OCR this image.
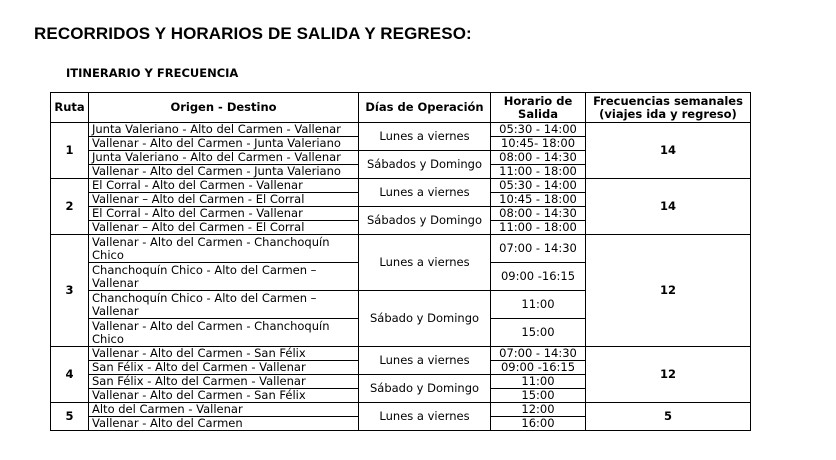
RECORRIDOS Y HORARIOS DE SALIDA Y REGRESO:
ITINERARIO Y FRECUENCIA
Ruta	Origen - Destino	Días de Operación	Horario de Salida	Frecuencias semanales (viajes ida y regreso)
1	Junta Valeriano - Alto del Carmen - Vallenar	Lunes a viernes	05:30 - 14:00	14
	Vallenar - Alto del Carmen - Junta Valeriano		10:45- 18:00	
	Junta Valeriano - Alto del Carmen - Vallenar	Sábados y Domingo	08:00 - 14:30	
	Vallenar - Alto del Carmen - Junta Valeriano		11:00 - 18:00	
2	El Corral - Alto del Carmen - Vallenar	Lunes a viernes	05:30 - 14:00	14
	Vallenar – Alto del Carmen - El Corral		10:45 - 18:00	
	El Corral - Alto del Carmen - Vallenar	Sábados y Domingo	08:00 - 14:30	
	Vallenar – Alto del Carmen - El Corral		11:00 - 18:00	
3	Vallenar - Alto del Carmen - Chanchoquín Chico	Lunes a viernes	07:00 - 14:30	12
	Chanchoquín Chico - Alto del Carmen – Vallenar		09:00 -16:15	
	Chanchoquín Chico - Alto del Carmen – Vallenar	Sábado y Domingo	11:00	
	Vallenar - Alto del Carmen - Chanchoquín Chico		15:00	
4	Vallenar - Alto del Carmen - San Félix	Lunes a viernes	07:00 - 14:30	12
	San Félix - Alto del Carmen - Vallenar		09:00 -16:15	
	San Félix - Alto del Carmen - Vallenar	Sábado y Domingo	11:00	
	Vallenar - Alto del Carmen - San Félix		15:00	
5	Alto del Carmen - Vallenar	Lunes a viernes	12:00	5
	Vallenar - Alto del Carmen		16:00	
